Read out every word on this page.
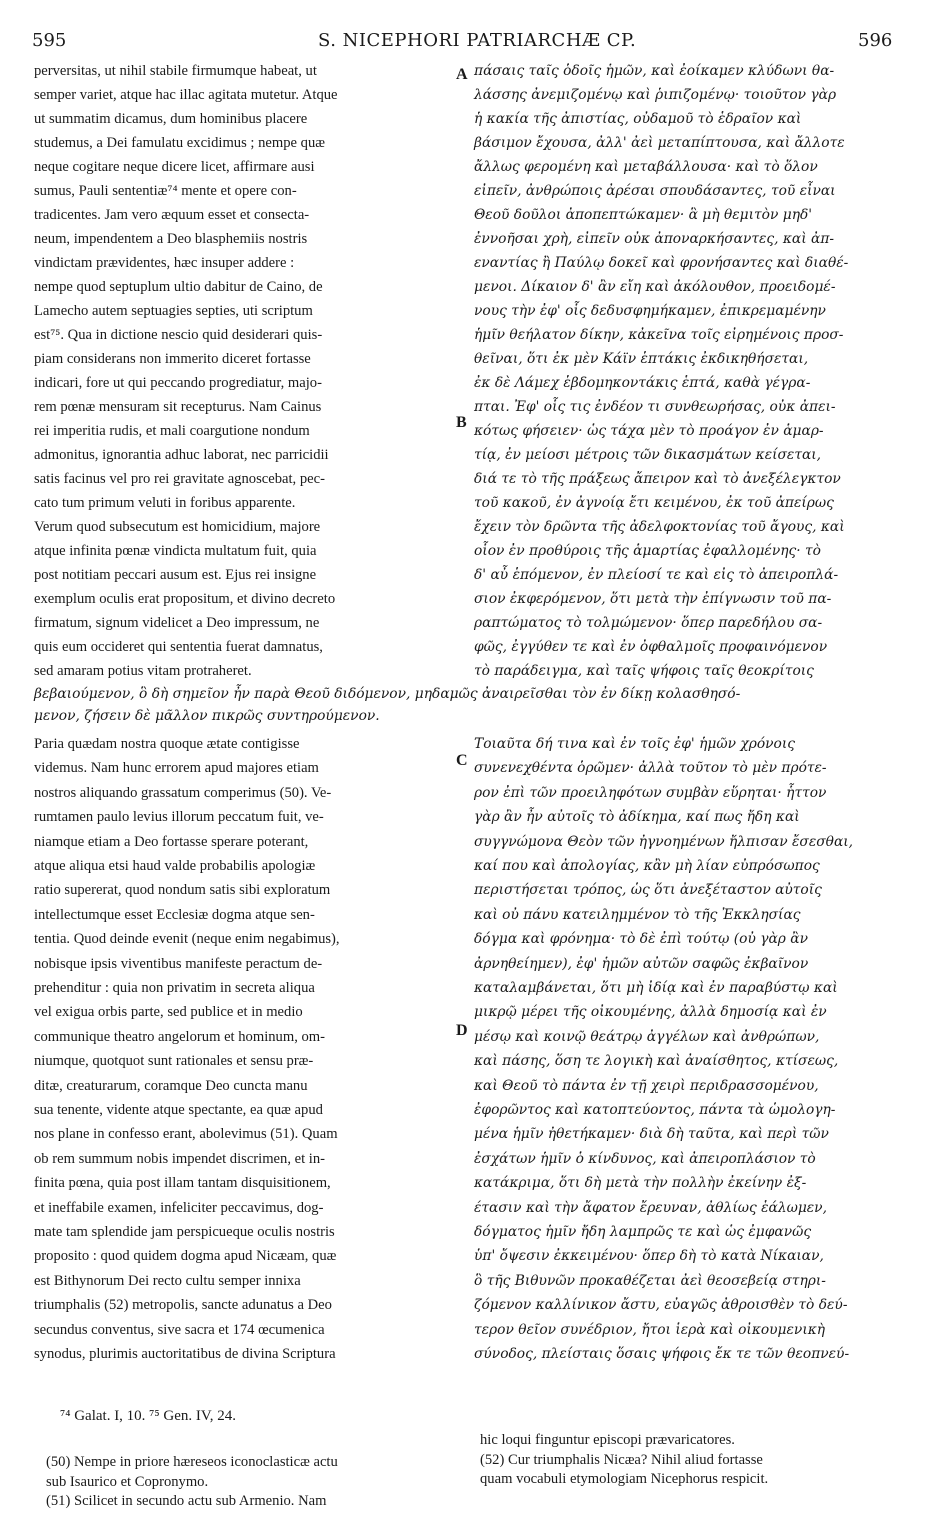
595	S. NICEPHORI PATRIARCHÆ CP.	596
A
B
C
D
perversitas, ut nihil stabile firmumque habeat, ut
semper variet, atque hac illac agitata mutetur. Atque
ut summatim dicamus, dum hominibus placere
studemus, a Dei famulatu excidimus ; nempe quæ
neque cogitare neque dicere licet, affirmare ausi
sumus, Pauli sententiæ⁷⁴ mente et opere con-
tradicentes. Jam vero æquum esset et consecta-
neum, impendentem a Deo blasphemiis nostris
vindictam prævidentes, hæc insuper addere :
nempe quod septuplum ultio dabitur de Caino, de
Lamecho autem septuagies septies, uti scriptum
est⁷⁵. Qua in dictione nescio quid desiderari quis-
piam considerans non immerito diceret fortasse
indicari, fore ut qui peccando progrediatur, majo-
rem pœnæ mensuram sit recepturus. Nam Cainus
rei imperitia rudis, et mali coargutione nondum
admonitus, ignorantia adhuc laborat, nec parricidii
satis facinus vel pro rei gravitate agnoscebat, pec-
cato tum primum veluti in foribus apparente.
Verum quod subsecutum est homicidium, majore
atque infinita pœnæ vindicta multatum fuit, quia
post notitiam peccari ausum est. Ejus rei insigne
exemplum oculis erat propositum, et divino decreto
firmatum, signum videlicet a Deo impressum, ne
quis eum occideret qui sententia fuerat damnatus,
sed amaram potius vitam protraheret.
πάσαις ταῖς ὁδοῖς ἡμῶν, καὶ ἐοίκαμεν κλύδωνι θα-
λάσσης ἀνεμιζομένῳ καὶ ῥιπιζομένῳ· τοιοῦτον γὰρ
ἡ κακία τῆς ἀπιστίας, οὐδαμοῦ τὸ ἑδραῖον καὶ
βάσιμον ἔχουσα, ἀλλ' ἀεὶ μεταπίπτουσα, καὶ ἄλλοτε
ἄλλως φερομένη καὶ μεταβάλλουσα· καὶ τὸ ὅλον
εἰπεῖν, ἀνθρώποις ἀρέσαι σπουδάσαντες, τοῦ εἶναι
Θεοῦ δοῦλοι ἀποπεπτώκαμεν· ἃ μὴ θεμιτὸν μηδ'
ἐννοῆσαι χρὴ, εἰπεῖν οὐκ ἀποναρκήσαντες, καὶ ἀπ-
εναντίας ἢ Παύλῳ δοκεῖ καὶ φρονήσαντες καὶ διαθέ-
μενοι. Δίκαιον δ' ἂν εἴη καὶ ἀκόλουθον, προειδομέ-
νους τὴν ἐφ' οἷς δεδυσφημήκαμεν, ἐπικρεμαμένην
ἡμῖν θεήλατον δίκην, κἀκεῖνα τοῖς εἰρημένοις προσ-
θεῖναι, ὅτι ἐκ μὲν Κάϊν ἑπτάκις ἐκδικηθήσεται,
ἐκ δὲ Λάμεχ ἑβδομηκοντάκις ἑπτά, καθὰ γέγρα-
πται. Ἐφ' οἷς τις ἐνδέον τι συνθεωρήσας, οὐκ ἀπει-
κότως φήσειεν· ὡς τάχα μὲν τὸ προάγον ἐν ἁμαρ-
τίᾳ, ἐν μείοσι μέτροις τῶν δικασμάτων κείσεται,
διά τε τὸ τῆς πράξεως ἄπειρον καὶ τὸ ἀνεξέλεγκτον
τοῦ κακοῦ, ἐν ἀγνοίᾳ ἔτι κειμένου, ἐκ τοῦ ἀπείρως
ἔχειν τὸν δρῶντα τῆς ἀδελφοκτονίας τοῦ ἄγους, καὶ
οἷον ἐν προθύροις τῆς ἁμαρτίας ἐφαλλομένης· τὸ
δ' αὖ ἑπόμενον, ἐν πλείοσί τε καὶ εἰς τὸ ἀπειροπλά-
σιον ἐκφερόμενον, ὅτι μετὰ τὴν ἐπίγνωσιν τοῦ πα-
ραπτώματος τὸ τολμώμενον· ὅπερ παρεδήλου σα-
φῶς, ἐγγύθεν τε καὶ ἐν ὀφθαλμοῖς προφαινόμενον
τὸ παράδειγμα, καὶ ταῖς ψήφοις ταῖς θεοκρίτοις
βεβαιούμενον, ὃ δὴ σημεῖον ἦν παρὰ Θεοῦ διδόμενον, μηδαμῶς ἀναιρεῖσθαι τὸν ἐν δίκῃ κολασθησό-
μενον, ζήσειν δὲ μᾶλλον πικρῶς συντηρούμενον.
Paria quædam nostra quoque ætate contigisse
videmus. Nam hunc errorem apud majores etiam
nostros aliquando grassatum comperimus (50). Ve-
rumtamen paulo levius illorum peccatum fuit, ve-
niamque etiam a Deo fortasse sperare poterant,
atque aliqua etsi haud valde probabilis apologiæ
ratio supererat, quod nondum satis sibi exploratum
intellectumque esset Ecclesiæ dogma atque sen-
tentia. Quod deinde evenit (neque enim negabimus),
nobisque ipsis viventibus manifeste peractum de-
prehenditur : quia non privatim in secreta aliqua
vel exigua orbis parte, sed publice et in medio
communique theatro angelorum et hominum, om-
niumque, quotquot sunt rationales et sensu præ-
ditæ, creaturarum, coramque Deo cuncta manu
sua tenente, vidente atque spectante, ea quæ apud
nos plane in confesso erant, abolevimus (51). Quam
ob rem summum nobis impendet discrimen, et in-
finita pœna, quia post illam tantam disquisitionem,
et ineffabile examen, infeliciter peccavimus, dog-
mate tam splendide jam perspicueque oculis nostris
proposito : quod quidem dogma apud Nicæam, quæ
est Bithynorum Dei recto cultu semper innixa
triumphalis (52) metropolis, sancte adunatus a Deo
secundus conventus, sive sacra et 174 œcumenica
synodus, plurimis auctoritatibus de divina Scriptura
Τοιαῦτα δή τινα καὶ ἐν τοῖς ἐφ' ἡμῶν χρόνοις
συνενεχθέντα ὁρῶμεν· ἀλλὰ τοῦτον τὸ μὲν πρότε-
ρον ἐπὶ τῶν προειληφότων συμβὰν εὕρηται· ἧττον
γὰρ ἂν ἦν αὐτοῖς τὸ ἀδίκημα, καί πως ἤδη καὶ
συγγνώμονα Θεὸν τῶν ἠγνοημένων ἤλπισαν ἔσεσθαι,
καί που καὶ ἀπολογίας, κἂν μὴ λίαν εὐπρόσωπος
περιστήσεται τρόπος, ὡς ὅτι ἀνεξέταστον αὐτοῖς
καὶ οὐ πάνυ κατειλημμένον τὸ τῆς Ἐκκλησίας
δόγμα καὶ φρόνημα· τὸ δὲ ἐπὶ τούτῳ (οὐ γὰρ ἂν
ἀρνηθείημεν), ἐφ' ἡμῶν αὐτῶν σαφῶς ἐκβαῖνον
καταλαμβάνεται, ὅτι μὴ ἰδίᾳ καὶ ἐν παραβύστῳ καὶ
μικρῷ μέρει τῆς οἰκουμένης, ἀλλὰ δημοσίᾳ καὶ ἐν
μέσῳ καὶ κοινῷ θεάτρῳ ἀγγέλων καὶ ἀνθρώπων,
καὶ πάσης, ὅση τε λογικὴ καὶ ἀναίσθητος, κτίσεως,
καὶ Θεοῦ τὸ πάντα ἐν τῇ χειρὶ περιδρασσομένου,
ἐφορῶντος καὶ κατοπτεύοντος, πάντα τὰ ὡμολογη-
μένα ἡμῖν ἠθετήκαμεν· διὰ δὴ ταῦτα, καὶ περὶ τῶν
ἐσχάτων ἡμῖν ὁ κίνδυνος, καὶ ἀπειροπλάσιον τὸ
κατάκριμα, ὅτι δὴ μετὰ τὴν πολλὴν ἐκείνην ἐξ-
έτασιν καὶ τὴν ἄφατον ἔρευναν, ἀθλίως ἑάλωμεν,
δόγματος ἡμῖν ἤδη λαμπρῶς τε καὶ ὡς ἐμφανῶς
ὑπ' ὄψεσιν ἐκκειμένου· ὅπερ δὴ τὸ κατὰ Νίκαιαν,
ὃ τῆς Βιθυνῶν προκαθέζεται ἀεὶ θεοσεβείᾳ στηρι-
ζόμενον καλλίνικον ἄστυ, εὐαγῶς ἀθροισθὲν τὸ δεύ-
τερον θεῖον συνέδριον, ἤτοι ἱερὰ καὶ οἰκουμενικὴ
σύνοδος, πλείσταις ὅσαις ψήφοις ἔκ τε τῶν θεοπνεύ-
⁷⁴ Galat. I, 10. ⁷⁵ Gen. IV, 24.
(50) Nempe in priore hæreseos iconoclasticæ actu
sub Isaurico et Copronymo.
(51) Scilicet in secundo actu sub Armenio. Nam
hic loqui finguntur episcopi prævaricatores.
(52) Cur triumphalis Nicæa? Nihil aliud fortasse
quam vocabuli etymologiam Nicephorus respicit.
